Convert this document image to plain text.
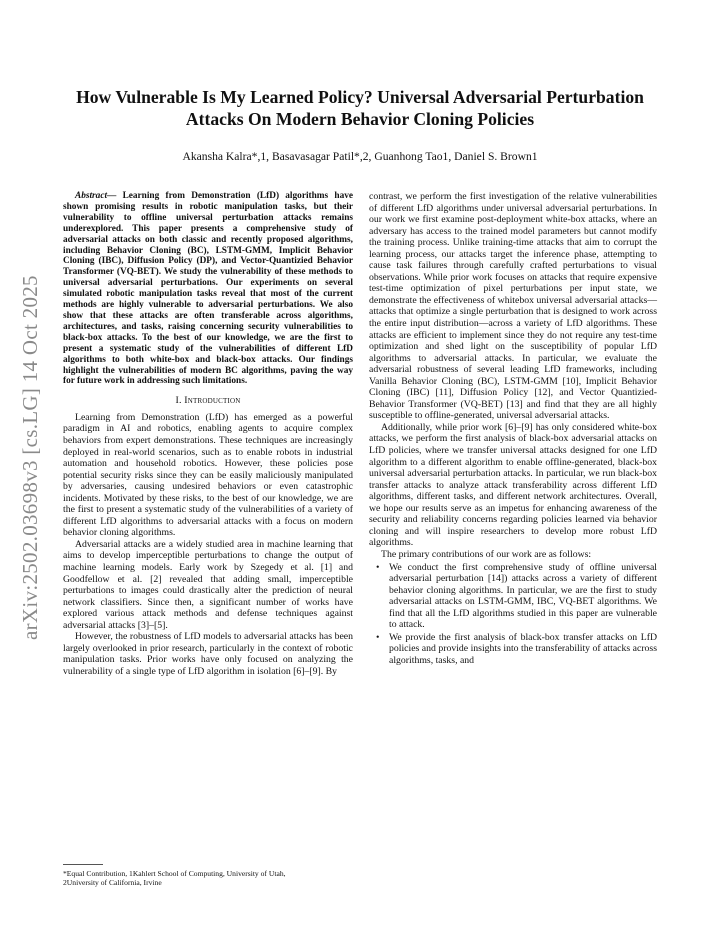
arXiv:2502.03698v3 [cs.LG] 14 Oct 2025
How Vulnerable Is My Learned Policy? Universal Adversarial Perturbation Attacks On Modern Behavior Cloning Policies
Akansha Kalra*,1, Basavasagar Patil*,2, Guanhong Tao1, Daniel S. Brown1

Abstract— Learning from Demonstration (LfD) algorithms have shown promising results in robotic manipulation tasks, but their vulnerability to offline universal perturbation attacks remains underexplored. This paper presents a comprehensive study of adversarial attacks on both classic and recently proposed algorithms, including Behavior Cloning (BC), LSTM-GMM, Implicit Behavior Cloning (IBC), Diffusion Policy (DP), and Vector-Quantizied Behavior Transformer (VQ-BET). We study the vulnerability of these methods to universal adversarial perturbations. Our experiments on several simulated robotic manipulation tasks reveal that most of the current methods are highly vulnerable to adversarial perturbations. We also show that these attacks are often transferable across algorithms, architectures, and tasks, raising concerning security vulnerabilities to black-box attacks. To the best of our knowledge, we are the first to present a systematic study of the vulnerabilities of different LfD algorithms to both white-box and black-box attacks. Our findings highlight the vulnerabilities of modern BC algorithms, paving the way for future work in addressing such limitations.

I. Introduction

Learning from Demonstration (LfD) has emerged as a powerful paradigm in AI and robotics, enabling agents to acquire complex behaviors from expert demonstrations. These techniques are increasingly deployed in real-world scenarios, such as to enable robots in industrial automation and household robotics. However, these policies pose potential security risks since they can be easily maliciously manipulated by adversaries, causing undesired behaviors or even catastrophic incidents. Motivated by these risks, to the best of our knowledge, we are the first to present a systematic study of the vulnerabilities of a variety of different LfD algorithms to adversarial attacks with a focus on modern behavior cloning algorithms.

Adversarial attacks are a widely studied area in machine learning that aims to develop imperceptible perturbations to change the output of machine learning models. Early work by Szegedy et al. [1] and Goodfellow et al. [2] revealed that adding small, imperceptible perturbations to images could drastically alter the prediction of neural network classifiers. Since then, a significant number of works have explored various attack methods and defense techniques against adversarial attacks [3]–[5].

However, the robustness of LfD models to adversarial attacks has been largely overlooked in prior research, particularly in the context of robotic manipulation tasks. Prior works have only focused on analyzing the vulnerability of a single type of LfD algorithm in isolation [6]–[9]. By

*Equal Contribution, 1Kahlert School of Computing, University of Utah,
2University of California, Irvine

contrast, we perform the first investigation of the relative vulnerabilities of different LfD algorithms under universal adversarial perturbations. In our work we first examine post-deployment white-box attacks, where an adversary has access to the trained model parameters but cannot modify the training process. Unlike training-time attacks that aim to corrupt the learning process, our attacks target the inference phase, attempting to cause task failures through carefully crafted perturbations to visual observations. While prior work focuses on attacks that require expensive test-time optimization of pixel perturbations per input state, we demonstrate the effectiveness of whitebox universal adversarial attacks—attacks that optimize a single perturbation that is designed to work across the entire input distribution—across a variety of LfD algorithms. These attacks are efficient to implement since they do not require any test-time optimization and shed light on the susceptibility of popular LfD algorithms to adversarial attacks. In particular, we evaluate the adversarial robustness of several leading LfD frameworks, including Vanilla Behavior Cloning (BC), LSTM-GMM [10], Implicit Behavior Cloning (IBC) [11], Diffusion Policy [12], and Vector Quantizied-Behavior Transformer (VQ-BET) [13] and find that they are all highly susceptible to offline-generated, universal adversarial attacks.

Additionally, while prior work [6]–[9] has only considered white-box attacks, we perform the first analysis of black-box adversarial attacks on LfD policies, where we transfer universal attacks designed for one LfD algorithm to a different algorithm to enable offline-generated, black-box universal adversarial perturbation attacks. In particular, we run black-box transfer attacks to analyze attack transferability across different LfD algorithms, different tasks, and different network architectures. Overall, we hope our results serve as an impetus for enhancing awareness of the security and reliability concerns regarding policies learned via behavior cloning and will inspire researchers to develop more robust LfD algorithms.

The primary contributions of our work are as follows:

• We conduct the first comprehensive study of offline universal adversarial perturbation [14]) attacks across a variety of different behavior cloning algorithms. In particular, we are the first to study adversarial attacks on LSTM-GMM, IBC, VQ-BET algorithms. We find that all the LfD algorithms studied in this paper are vulnerable to attack.
• We provide the first analysis of black-box transfer attacks on LfD policies and provide insights into the transferability of attacks across algorithms, tasks, and
